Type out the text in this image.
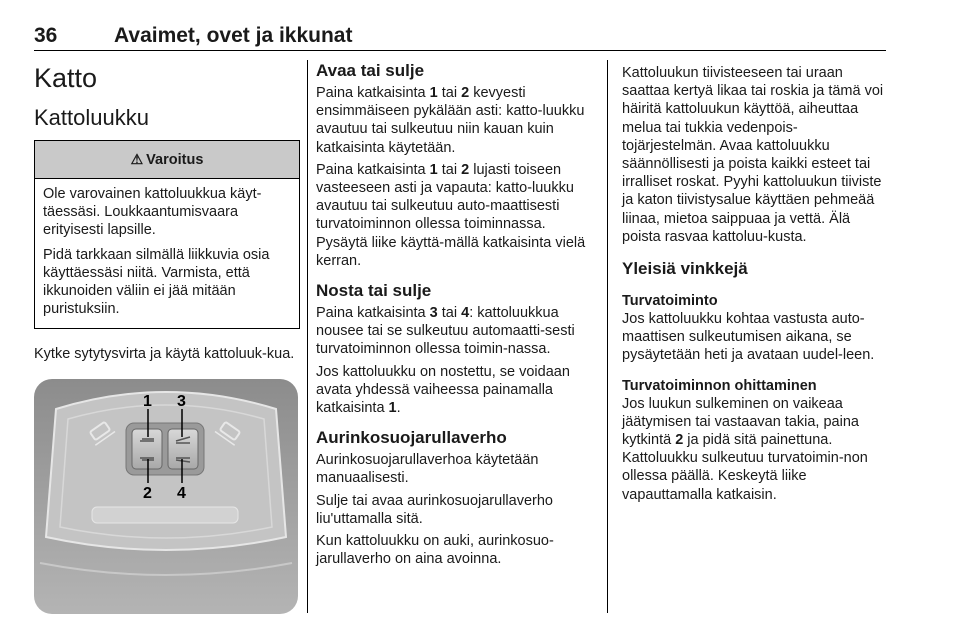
36	Avaimet, ovet ja ikkunat
Katto
Kattoluukku
⚠ Varoitus

Ole varovainen kattoluukkua käyt-täessäsi. Loukkaantumisvaara erityisesti lapsille.

Pidä tarkkaan silmällä liikkuvia osia käyttäessäsi niitä. Varmista, että ikkunoiden väliin ei jää mitään puristuksiin.

Kytke sytytysvirta ja käytä kattoluuk-kua.

1 3
2 4
Avaa tai sulje

Paina katkaisinta 1 tai 2 kevyesti ensimmäiseen pykälään asti: katto-luukku avautuu tai sulkeutuu niin kauan kuin katkaisinta käytetään.

Paina katkaisinta 1 tai 2 lujasti toiseen vasteeseen asti ja vapauta: katto-luukku avautuu tai sulkeutuu auto-maattisesti turvatoiminnon ollessa toiminnassa. Pysäytä liike käyttä-mällä katkaisinta vielä kerran.

Nosta tai sulje

Paina katkaisinta 3 tai 4: kattoluukkua nousee tai se sulkeutuu automaatti-sesti turvatoiminnon ollessa toimin-nassa.

Jos kattoluukku on nostettu, se voidaan avata yhdessä vaiheessa painamalla katkaisinta 1.

Aurinkosuojarullaverho

Aurinkosuojarullaverhoa käytetään manuaalisesti.

Sulje tai avaa aurinkosuojarullaverho liu'uttamalla sitä.

Kun kattoluukku on auki, aurinkosuo-jarullaverho on aina avoinna.

Kattoluukun tiivisteeseen tai uraan saattaa kertyä likaa tai roskia ja tämä voi häiritä kattoluukun käyttöä, aiheuttaa melua tai tukkia vedenpois-tojärjestelmän. Avaa kattoluukku säännöllisesti ja poista kaikki esteet tai irralliset roskat. Pyyhi kattoluukun tiiviste ja katon tiivistysalue käyttäen pehmeää liinaa, mietoa saippuaa ja vettä. Älä poista rasvaa kattoluu-kusta.

Yleisiä vinkkejä
Turvatoiminto

Jos kattoluukku kohtaa vastusta auto-maattisen sulkeutumisen aikana, se pysäytetään heti ja avataan uudel-leen.

Turvatoiminnon ohittaminen

Jos luukun sulkeminen on vaikeaa jäätymisen tai vastaavan takia, paina kytkintä 2 ja pidä sitä painettuna. Kattoluukku sulkeutuu turvatoimin-non ollessa päällä. Keskeytä liike vapauttamalla katkaisin.
